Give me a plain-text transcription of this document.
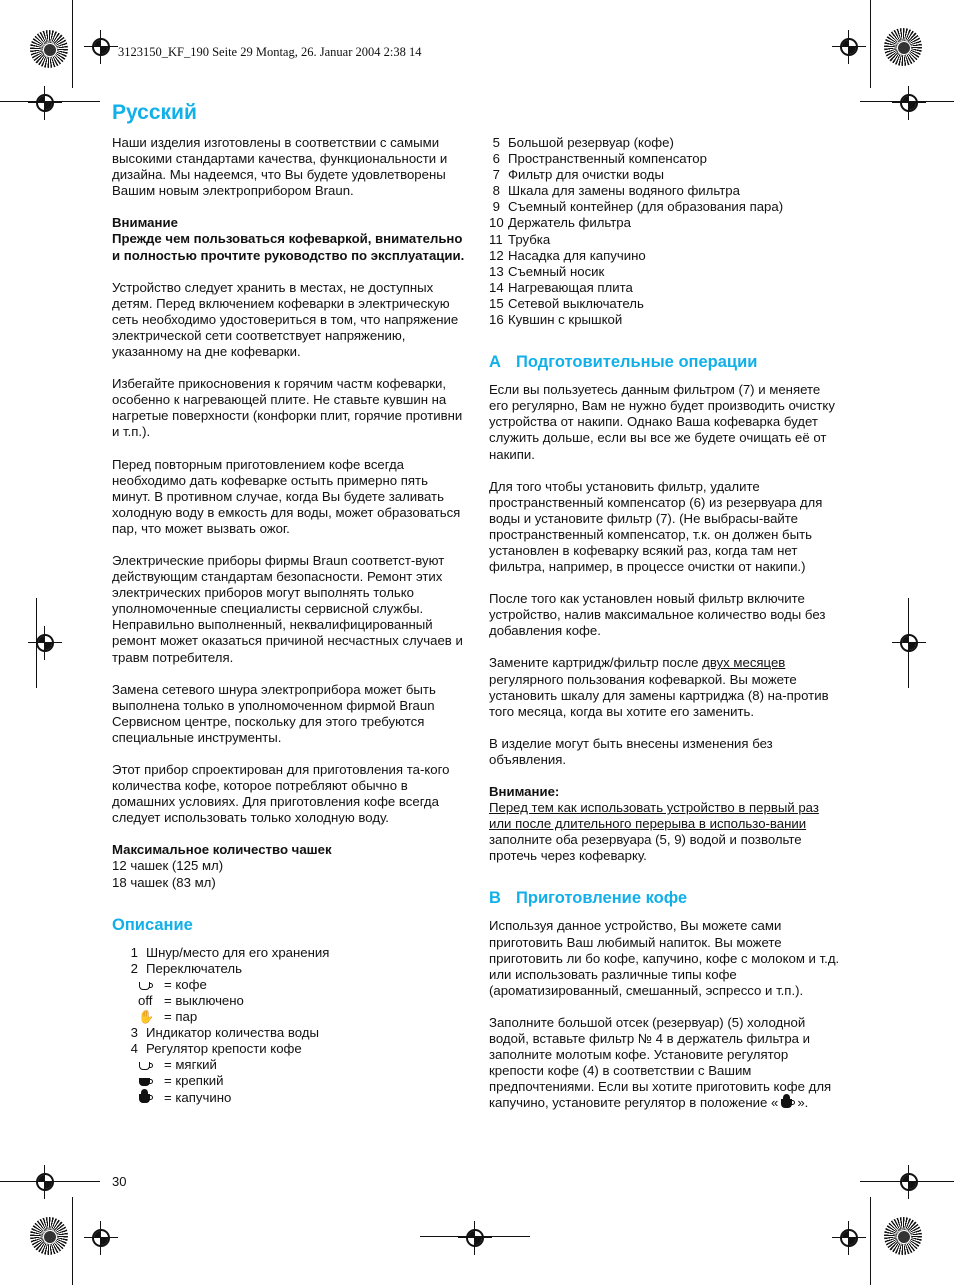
3123150_KF_190 Seite 29 Montag, 26. Januar 2004 2:38 14
Русский

Наши изделия изготовлены в соответствии с самыми высокими стандартами качества, функциональности и дизайна. Мы надеемся, что Вы будете удовлетворены Вашим новым электроприбором Braun.

Внимание

Прежде чем пользоваться кофеваркой, внимательно и полностью прочтите руководство по эксплуатации.

Устройство следует хранить в местах, не доступных детям. Перед включением кофеварки в электрическую сеть необходимо удостовериться в том, что напряжение электрической сети соответствует напряжению, указанному на дне кофеварки.

Избегайте прикосновения к горячим частм кофеварки, особенно к нагревающей плите. Не ставьте кувшин на нагретые поверхности (конфорки плит, горячие противни и т.п.).

Перед повторным приготовлением кофе всегда необходимо дать кофеварке остыть примерно пять минут. В противном случае, когда Вы будете заливать холодную воду в емкость для воды, может образоваться пар, что может вызвать ожог.

Электрические приборы фирмы Braun соответст-вуют действующим стандартам безопасности. Ремонт этих электрических приборов могут выполнять только уполномоченные специалисты сервисной службы. Неправильно выполненный, неквалифицированный ремонт может оказаться причиной несчастных случаев и травм потребителя.

Замена сетевого шнура электроприбора может быть выполнена только в уполномоченном фирмой Braun Сервисном центре, поскольку для этого требуются специальные инструменты.

Этот прибор спроектирован для приготовления та-кого количества кофе, которое потребляют обычно в домашних условиях. Для приготовления кофе всегда следует использовать только холодную воду.

Максимальное количество чашек

12 чашек (125 мл)

18 чашек (83 мл)

Описание
1 Шнур/место для его хранения
2 Переключатель
= кофе
off = выключено
✋ = пар
3 Индикатор количества воды
4 Регулятор крепости кофе
= мягкий
= крепкий
= капучино
30
5 Большой резервуар (кофе)
6 Пространственный компенсатор
7 Фильтр для очистки воды
8 Шкала для замены водяного фильтра
9 Съемный контейнер (для образования пара)
10 Держатель фильтра
11 Трубка
12 Насадка для капучино
13 Съемный носик
14 Нагревающая плита
15 Сетевой выключатель
16 Кувшин с крышкой
A Подготовительные операции

Если вы пользуетесь данным фильтром (7) и меняете его регулярно, Вам не нужно будет производить очистку устройства от накипи. Однако Ваша кофеварка будет служить дольше, если вы все же будете очищать её от накипи.

Для того чтобы установить фильтр, удалите пространственный компенсатор (6) из резервуара для воды и установите фильтр (7). (Не выбрасы-вайте пространственный компенсатор, т.к. он должен быть установлен в кофеварку всякий раз, когда там нет фильтра, например, в процессе очистки от накипи.)

После того как установлен новый фильтр включите устройство, налив максимальное количество воды без добавления кофе.

Замените картридж/фильтр после двух месяцев регулярного пользования кофеваркой. Вы можете установить шкалу для замены картриджа (8) на-против того месяца, когда вы хотите его заменить.

В изделие могут быть внесены изменения без объявления.

Внимание:

Перед тем как использовать устройство в первый раз или после длительного перерыва в использо-вании заполните оба резервуара (5, 9) водой и позвольте протечь через кофеварку.

B Приготовление кофе

Используя данное устройство, Вы можете сами приготовить Ваш любимый напиток. Вы можете приготовить ли бо кофе, капучино, кофе с молоком и т.д. или использовать различные типы кофе (ароматизированный, смешанный, эспрессо и т.п.).

Заполните большой отсек (резервуар) (5) холодной водой, вставьте фильтр № 4 в держатель фильтра и заполните молотым кофе. Установите регулятор крепости кофе (4) в соответствии с Вашим предпочтениями. Если вы хотите приготовить кофе для капучино, установите регулятор в положение « ».
